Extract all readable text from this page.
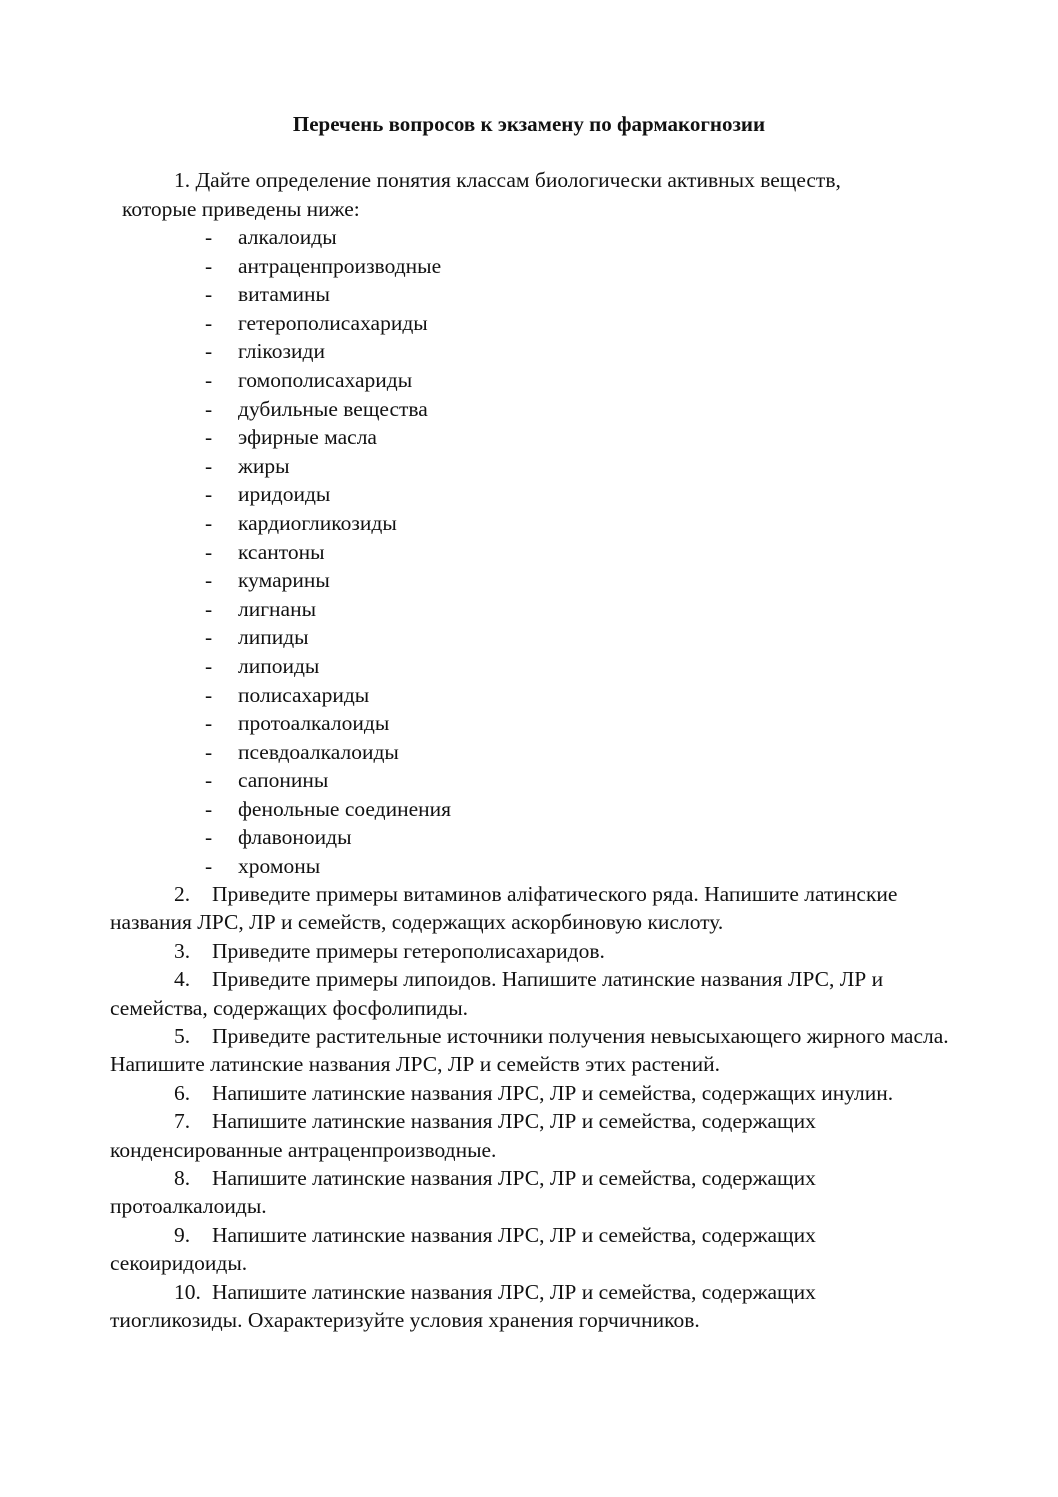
Перечень вопросов к экзамену по фармакогнозии
1. Дайте определение понятия классам биологически активных веществ,
которые приведены ниже:
-	алкалоиды
-	антраценпроизводные
-	витамины
-	гетерополисахариды
-	глікозиди
-	гомополисахариды
-	дубильные вещества
-	эфирные масла
-	жиры
-	иридоиды
-	кардиогликозиды
-	ксантоны
-	кумарины
-	лигнаны
-	липиды
-	липоиды
-	полисахариды
-	протоалкалоиды
-	псевдоалкалоиды
-	сапонины
-	фенольные соединения
-	флавоноиды
-	хромоны

2. Приведите примеры витаминов аліфатического ряда. Напишите латинские названия ЛРС, ЛР и семейств, содержащих аскорбиновую кислоту.

3. Приведите примеры гетерополисахаридов.

4. Приведите примеры липоидов. Напишите латинские названия ЛРС, ЛР и семейства, содержащих фосфолипиды.

5. Приведите растительные источники получения невысыхающего жирного масла. Напишите латинские названия ЛРС, ЛР и семейств этих растений.

6. Напишите латинские названия ЛРС, ЛР и семейства, содержащих инулин.

7. Напишите латинские названия ЛРС, ЛР и семейства, содержащих конденсированные антраценпроизводные.

8. Напишите латинские названия ЛРС, ЛР и семейства, содержащих протоалкалоиды.

9. Напишите латинские названия ЛРС, ЛР и семейства, содержащих секоиридоиды.

10. Напишите латинские названия ЛРС, ЛР и семейства, содержащих тиогликозиды. Охарактеризуйте условия хранения горчичников.
